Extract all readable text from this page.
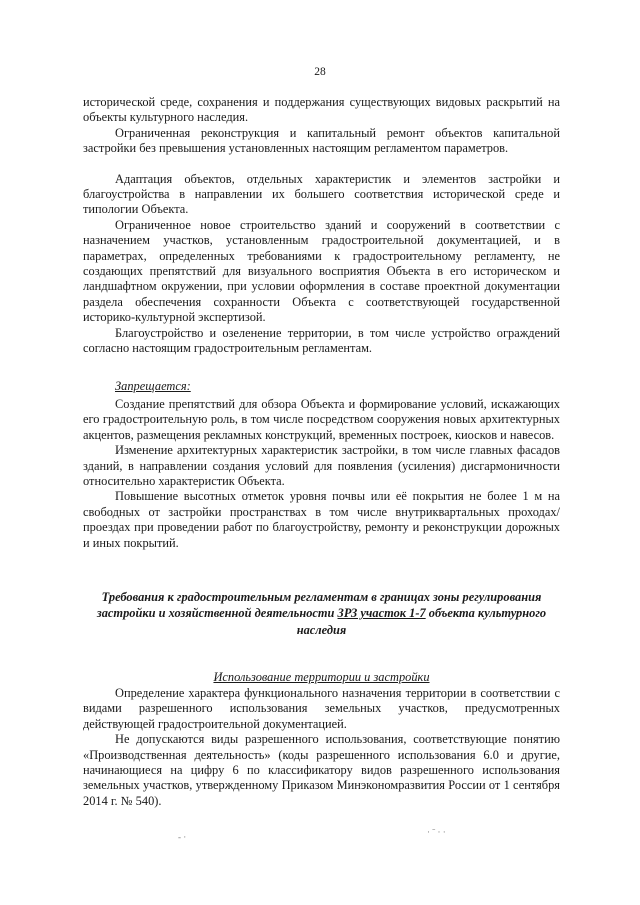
28

исторической среде, сохранения и поддержания существующих видовых раскрытий на объекты культурного наследия.

Ограниченная реконструкция и капитальный ремонт объектов капитальной застройки без превышения установленных настоящим регламентом параметров.

Адаптация объектов, отдельных характеристик и элементов застройки и благоустройства в направлении их большего соответствия исторической среде и типологии Объекта.

Ограниченное новое строительство зданий и сооружений в соответствии с назначением участков, установленным градостроительной документацией, и в параметрах, определенных требованиями к градостроительному регламенту, не создающих препятствий для визуального восприятия Объекта в его историческом и ландшафтном окружении, при условии оформления в составе проектной документации раздела обеспечения сохранности Объекта с соответствующей государственной историко-культурной экспертизой.

Благоустройство и озеленение территории, в том числе устройство ограждений согласно настоящим градостроительным регламентам.

Запрещается:

Создание препятствий для обзора Объекта и формирование условий, искажающих его градостроительную роль, в том числе посредством сооружения новых архитектурных акцентов, размещения рекламных конструкций, временных построек, киосков и навесов.

Изменение архитектурных характеристик застройки, в том числе главных фасадов зданий, в направлении создания условий для появления (усиления) дисгармоничности относительно характеристик Объекта.

Повышение высотных отметок уровня почвы или её покрытия не более 1 м на свободных от застройки пространствах в том числе внутриквартальных проходах/проездах при проведении работ по благоустройству, ремонту и реконструкции дорожных и иных покрытий.

Требования к градостроительным регламентам в границах зоны регулирования застройки и хозяйственной деятельности ЗРЗ участок 1-7 объекта культурного наследия

Использование территории и застройки

Определение характера функционального назначения территории в соответствии с видами разрешенного использования земельных участков, предусмотренных действующей градостроительной документацией.

Не допускаются виды разрешенного использования, соответствующие понятию «Производственная деятельность» (коды разрешенного использования 6.0 и другие, начинающиеся на цифру 6 по классификатору видов разрешенного использования земельных участков, утвержденному Приказом Минэкономразвития России от 1 сентября 2014 г. № 540).

- ·	· ˉ · ·
